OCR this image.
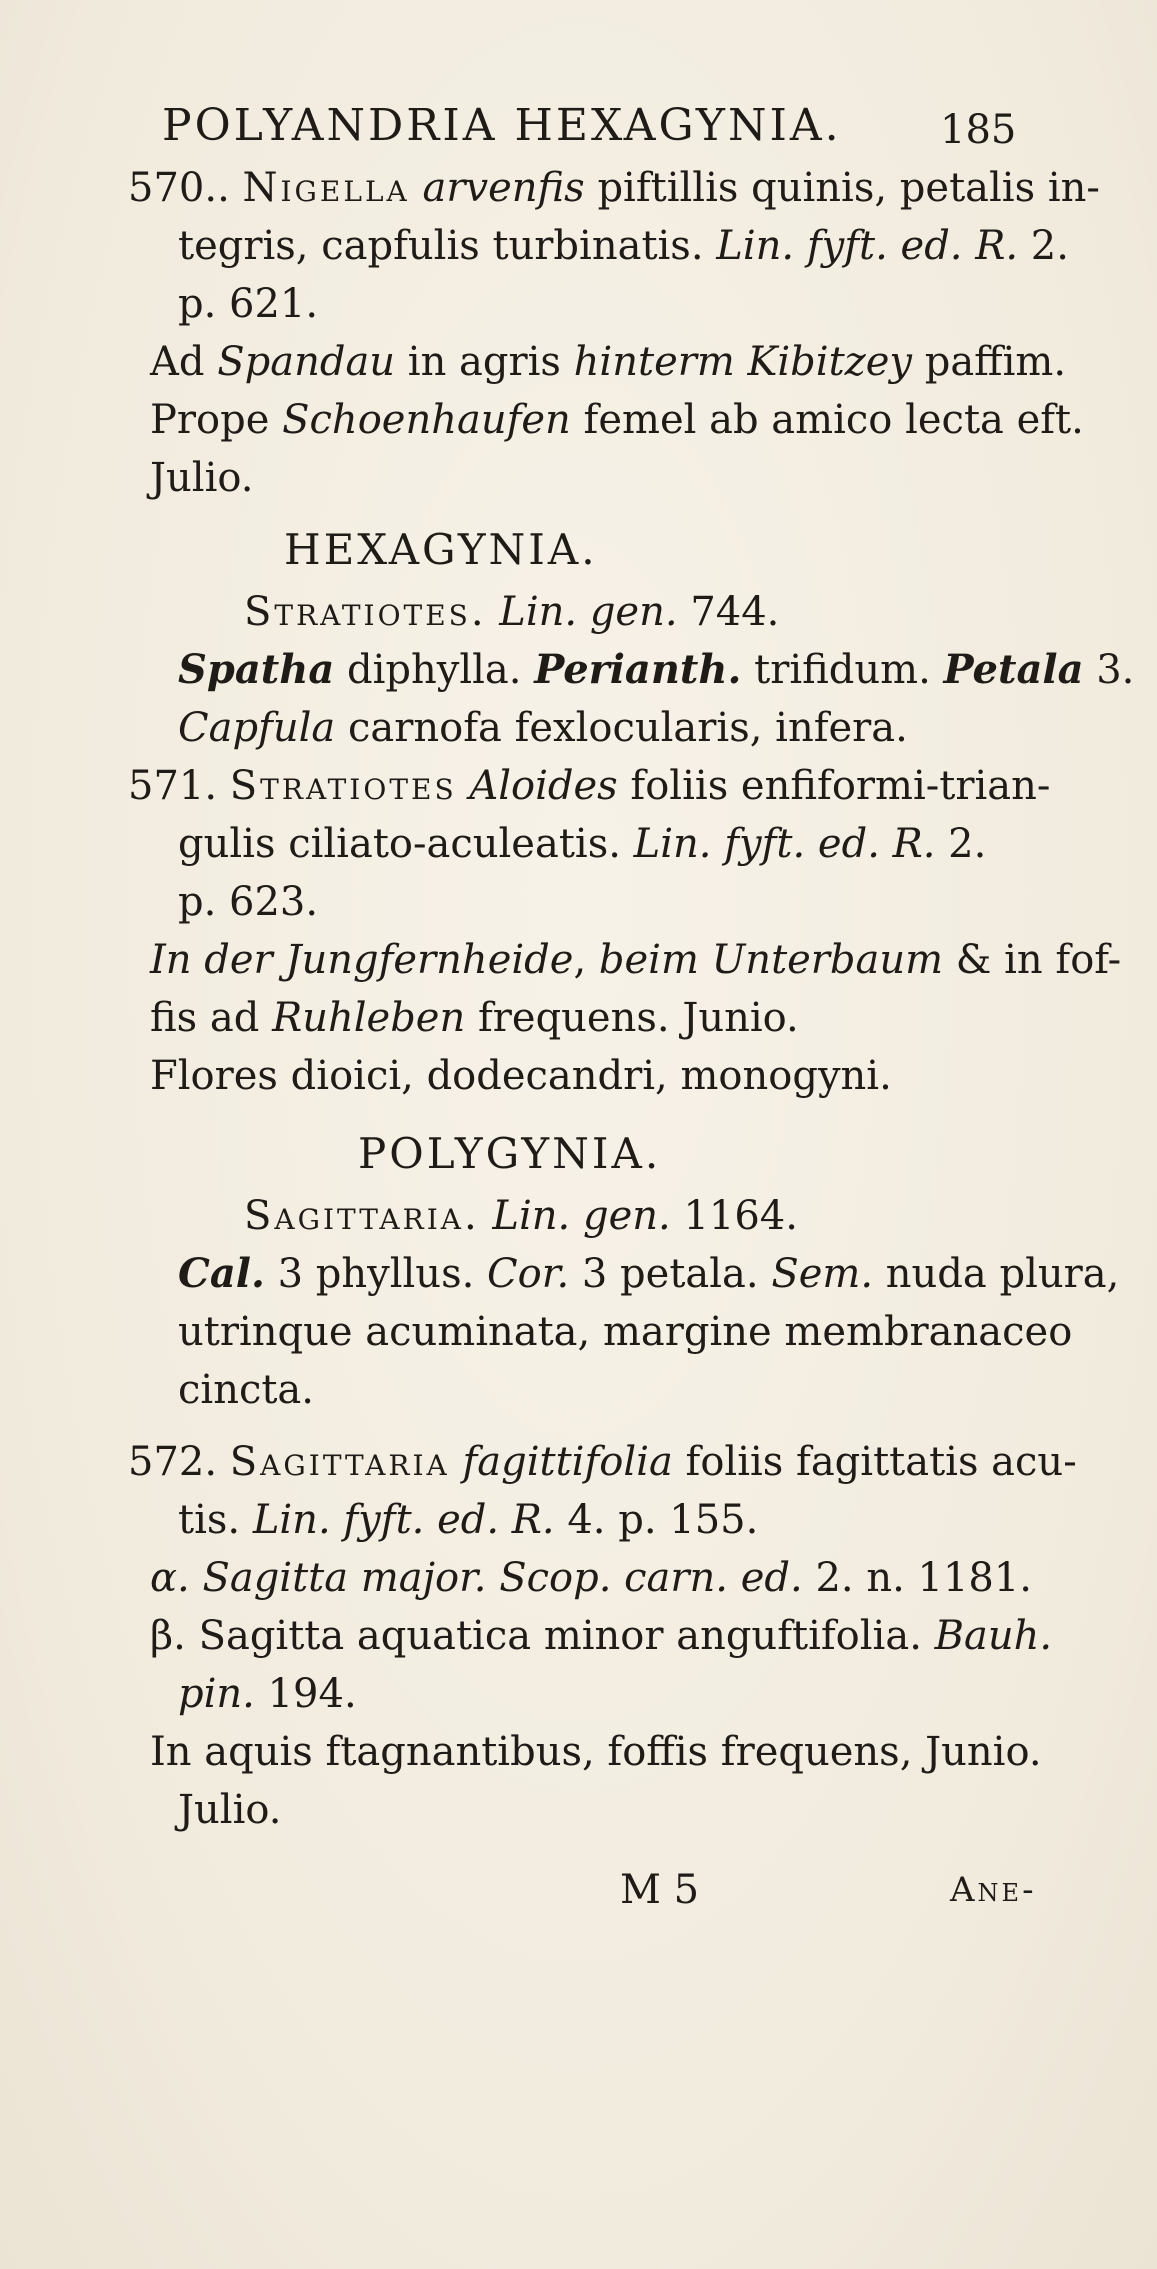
POLYANDRIA HEXAGYNIA. 185
570.. Nigella arvenfis piftillis quinis, petalis in-
tegris, capfulis turbinatis. Lin. fyft. ed. R. 2.
p. 621.
Ad Spandau in agris hinterm Kibitzey paffim.
Prope Schoenhaufen femel ab amico lecta eft.
Julio.
HEXAGYNIA.
Stratiotes. Lin. gen. 744.
Spatha diphylla. Perianth. trifidum. Petala 3.
Capfula carnofa fexlocularis, infera.
571. Stratiotes Aloides foliis enfiformi-trian-
gulis ciliato-aculeatis. Lin. fyft. ed. R. 2.
p. 623.
In der Jungfernheide, beim Unterbaum & in fof-
fis ad Ruhleben frequens. Junio.
Flores dioici, dodecandri, monogyni.
POLYGYNIA.
Sagittaria. Lin. gen. 1164.
Cal. 3 phyllus. Cor. 3 petala. Sem. nuda plura,
utrinque acuminata, margine membranaceo
cincta.
572. Sagittaria fagittifolia foliis fagittatis acu-
tis. Lin. fyft. ed. R. 4. p. 155.
α. Sagitta major. Scop. carn. ed. 2. n. 1181.
β. Sagitta aquatica minor anguftifolia. Bauh.
pin. 194.
In aquis ftagnantibus, foffis frequens, Junio.
Julio.
M 5	Ane-
